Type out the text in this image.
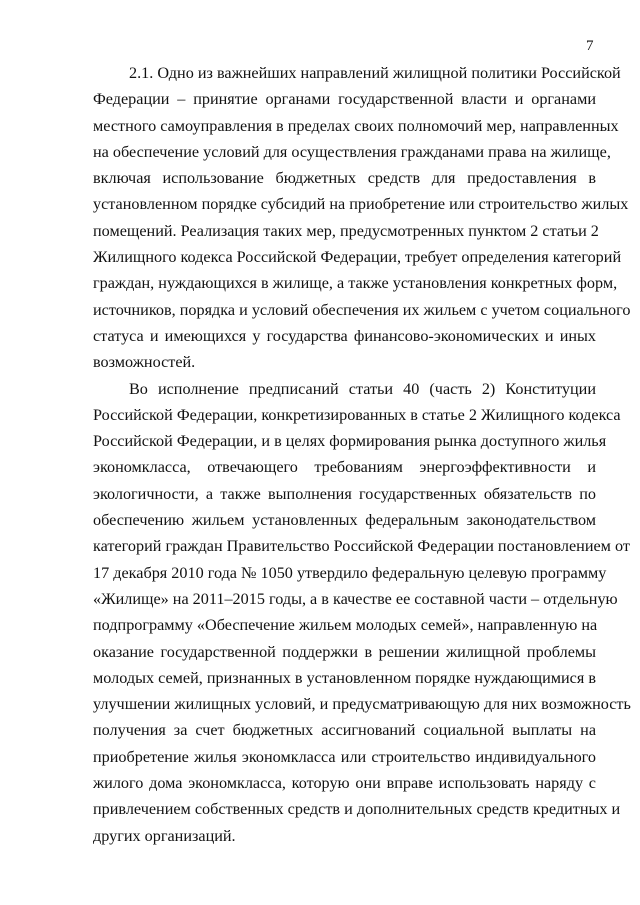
7
2.1. Одно из важнейших направлений жилищной политики Российской
Федерации – принятие органами государственной власти и органами
местного самоуправления в пределах своих полномочий мер, направленных
на обеспечение условий для осуществления гражданами права на жилище,
включая использование бюджетных средств для предоставления в
установленном порядке субсидий на приобретение или строительство жилых
помещений. Реализация таких мер, предусмотренных пунктом 2 статьи 2
Жилищного кодекса Российской Федерации, требует определения категорий
граждан, нуждающихся в жилище, а также установления конкретных форм,
источников, порядка и условий обеспечения их жильем с учетом социального
статуса и имеющихся у государства финансово-экономических и иных
возможностей.
Во исполнение предписаний статьи 40 (часть 2) Конституции
Российской Федерации, конкретизированных в статье 2 Жилищного кодекса
Российской Федерации, и в целях формирования рынка доступного жилья
экономкласса, отвечающего требованиям энергоэффективности и
экологичности, а также выполнения государственных обязательств по
обеспечению жильем установленных федеральным законодательством
категорий граждан Правительство Российской Федерации постановлением от
17 декабря 2010 года № 1050 утвердило федеральную целевую программу
«Жилище» на 2011–2015 годы, а в качестве ее составной части – отдельную
подпрограмму «Обеспечение жильем молодых семей», направленную на
оказание государственной поддержки в решении жилищной проблемы
молодых семей, признанных в установленном порядке нуждающимися в
улучшении жилищных условий, и предусматривающую для них возможность
получения за счет бюджетных ассигнований социальной выплаты на
приобретение жилья экономкласса или строительство индивидуального
жилого дома экономкласса, которую они вправе использовать наряду с
привлечением собственных средств и дополнительных средств кредитных и
других организаций.
